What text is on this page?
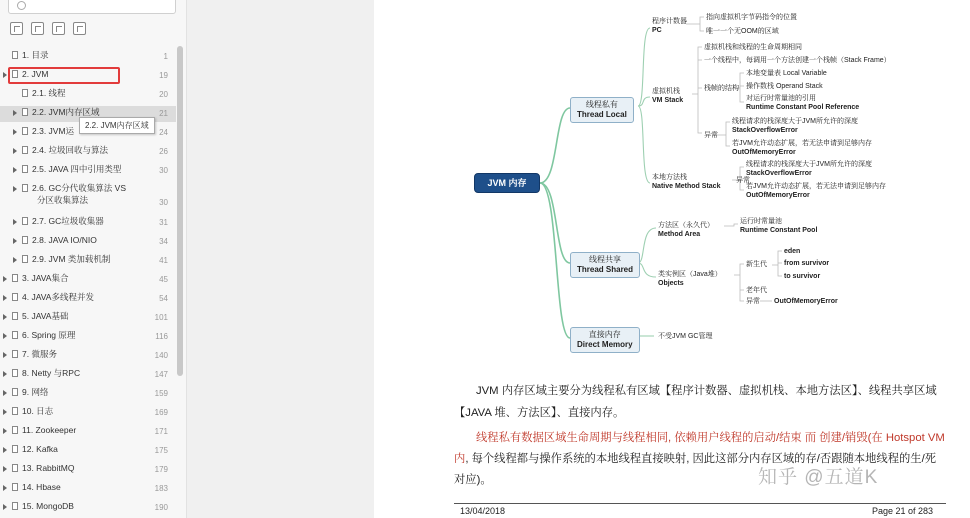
1. 目录	1
2. JVM	19
2.1. 线程	20
2.2. JVM内存区域	21
2.3. JVM运	24
2.4. 垃圾回收与算法	26
2.5. JAVA 四中引用类型	30
2.6. GC分代收集算法 VS
分区收集算法	30
2.7. GC垃圾收集器	31
2.8. JAVA IO/NIO	34
2.9. JVM 类加载机制	41
3. JAVA集合	45
4. JAVA多线程并发	54
5. JAVA基础	101
6. Spring 原理	116
7. 微服务	140
8. Netty 与RPC	147
9. 网络	159
10. 日志	169
11. Zookeeper	171
12. Kafka	175
13. RabbitMQ	179
14. Hbase	183
15. MongoDB	190
2.2. JVM内存区域
JVM 内存
线程私有
Thread Local
线程共享
Thread Shared
直接内存
Direct Memory
程序计数器
PC
指向虚拟机字节码指令的位置
唯一一个无OOM的区域
虚拟机栈
VM Stack
虚拟机栈和线程的生命周期相同
一个线程中，每调用一个方法创建一个栈帧（Stack Frame）
栈帧的结构
本地变量表 Local Variable
操作数栈 Operand Stack
对运行时常量池的引用
Runtime Constant Pool Reference
异常
线程请求的栈深度大于JVM所允许的深度
StackOverflowError
若JVM允许动态扩展，若无法申请到足够内存
OutOfMemoryError
本地方法栈
Native Method Stack
异常
线程请求的栈深度大于JVM所允许的深度
StackOverflowError
若JVM允许动态扩展，若无法申请到足够内存
OutOfMemoryError
方法区（永久代）
Method Area
运行时常量池
Runtime Constant Pool
类实例区（Java堆）
Objects
新生代
eden
from survivor
to survivor
老年代
异常 OutOfMemoryError
不受JVM GC管理

JVM 内存区域主要分为线程私有区域【程序计数器、虚拟机栈、本地方法区】、线程共享区域【JAVA 堆、方法区】、直接内存。

线程私有数据区域生命周期与线程相同, 依赖用户线程的启动/结束 而 创建/销毁(在 Hotspot VM 内, 每个线程都与操作系统的本地线程直接映射, 因此这部分内存区域的存/否跟随本地线程的生/死对应)。	知乎 @五道K
13/04/2018	Page 21 of 283
